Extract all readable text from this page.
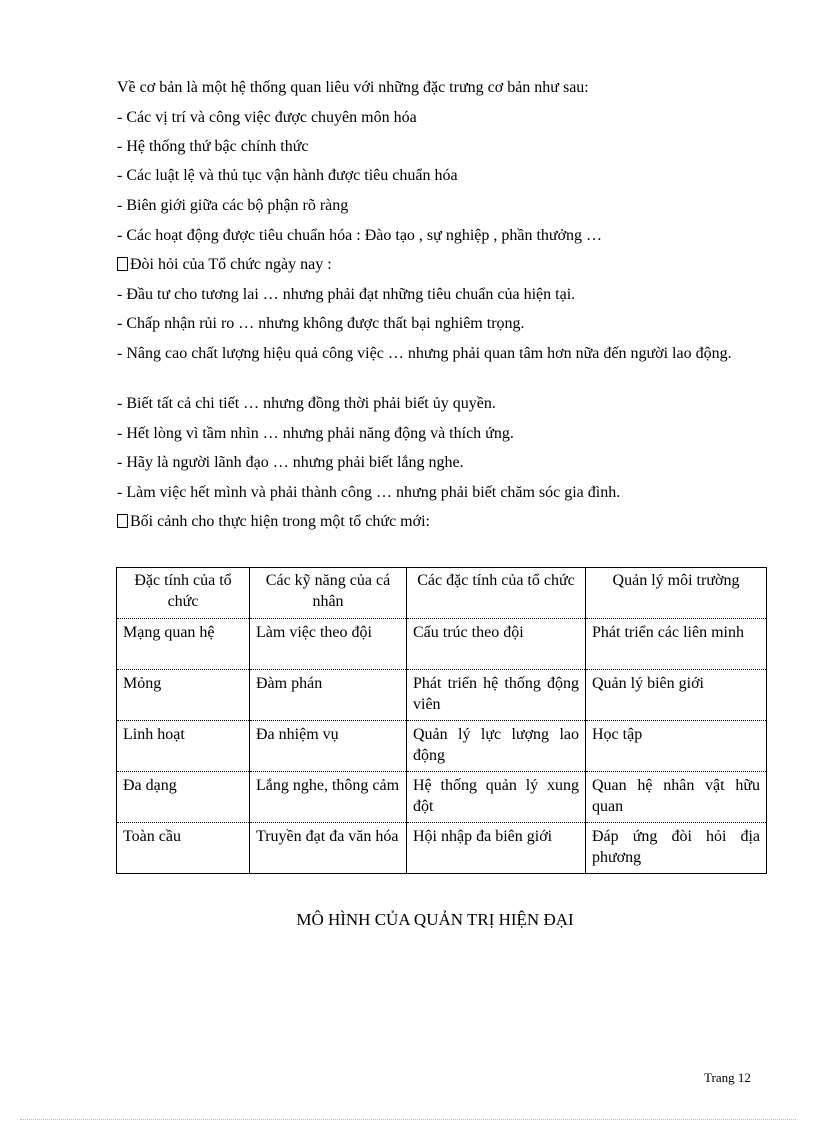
Về cơ bản là một hệ thống quan liêu với những đặc trưng cơ bản như sau:
- Các vị trí và công việc được chuyên môn hóa
- Hệ thống thứ bậc chính thức
- Các luật lệ và thủ tục vận hành được tiêu chuẩn hóa
- Biên giới giữa các bộ phận rõ ràng
- Các hoạt động được tiêu chuẩn hóa : Đào tạo , sự nghiệp , phần thưởng …
Đòi hỏi của Tổ chức ngày nay :
- Đầu tư cho tương lai … nhưng phải đạt những tiêu chuẩn của hiện tại.
- Chấp nhận rủi ro … nhưng không được thất bại nghiêm trọng.
- Nâng cao chất lượng hiệu quả công việc … nhưng phải quan tâm hơn nữa đến người lao động.
- Biết tất cả chi tiết … nhưng đồng thời phải biết ủy quyền.
- Hết lòng vì tầm nhìn … nhưng phải năng động và thích ứng.
- Hãy là người lãnh đạo … nhưng phải biết lắng nghe.
- Làm việc hết mình và phải thành công … nhưng phải biết chăm sóc gia đình.
Bối cảnh cho thực hiện trong một tổ chức mới:
Đặc tính của tổ chức	Các kỹ năng của cá nhân	Các đặc tính của tổ chức	Quản lý môi trường
Mạng quan hệ	Làm việc theo đội	Cấu trúc theo đội	Phát triển các liên minh
Mỏng	Đàm phán	Phát triển hệ thống động viên	Quản lý biên giới
Linh hoạt	Đa nhiệm vụ	Quản lý lực lượng lao động	Học tập
Đa dạng	Lắng nghe, thông cảm	Hệ thống quản lý xung đột	Quan hệ nhân vật hữu quan
Toàn cầu	Truyền đạt đa văn hóa	Hội nhập đa biên giới	Đáp ứng đòi hỏi địa phương
MÔ HÌNH CỦA QUẢN TRỊ HIỆN ĐẠI
Trang 12
